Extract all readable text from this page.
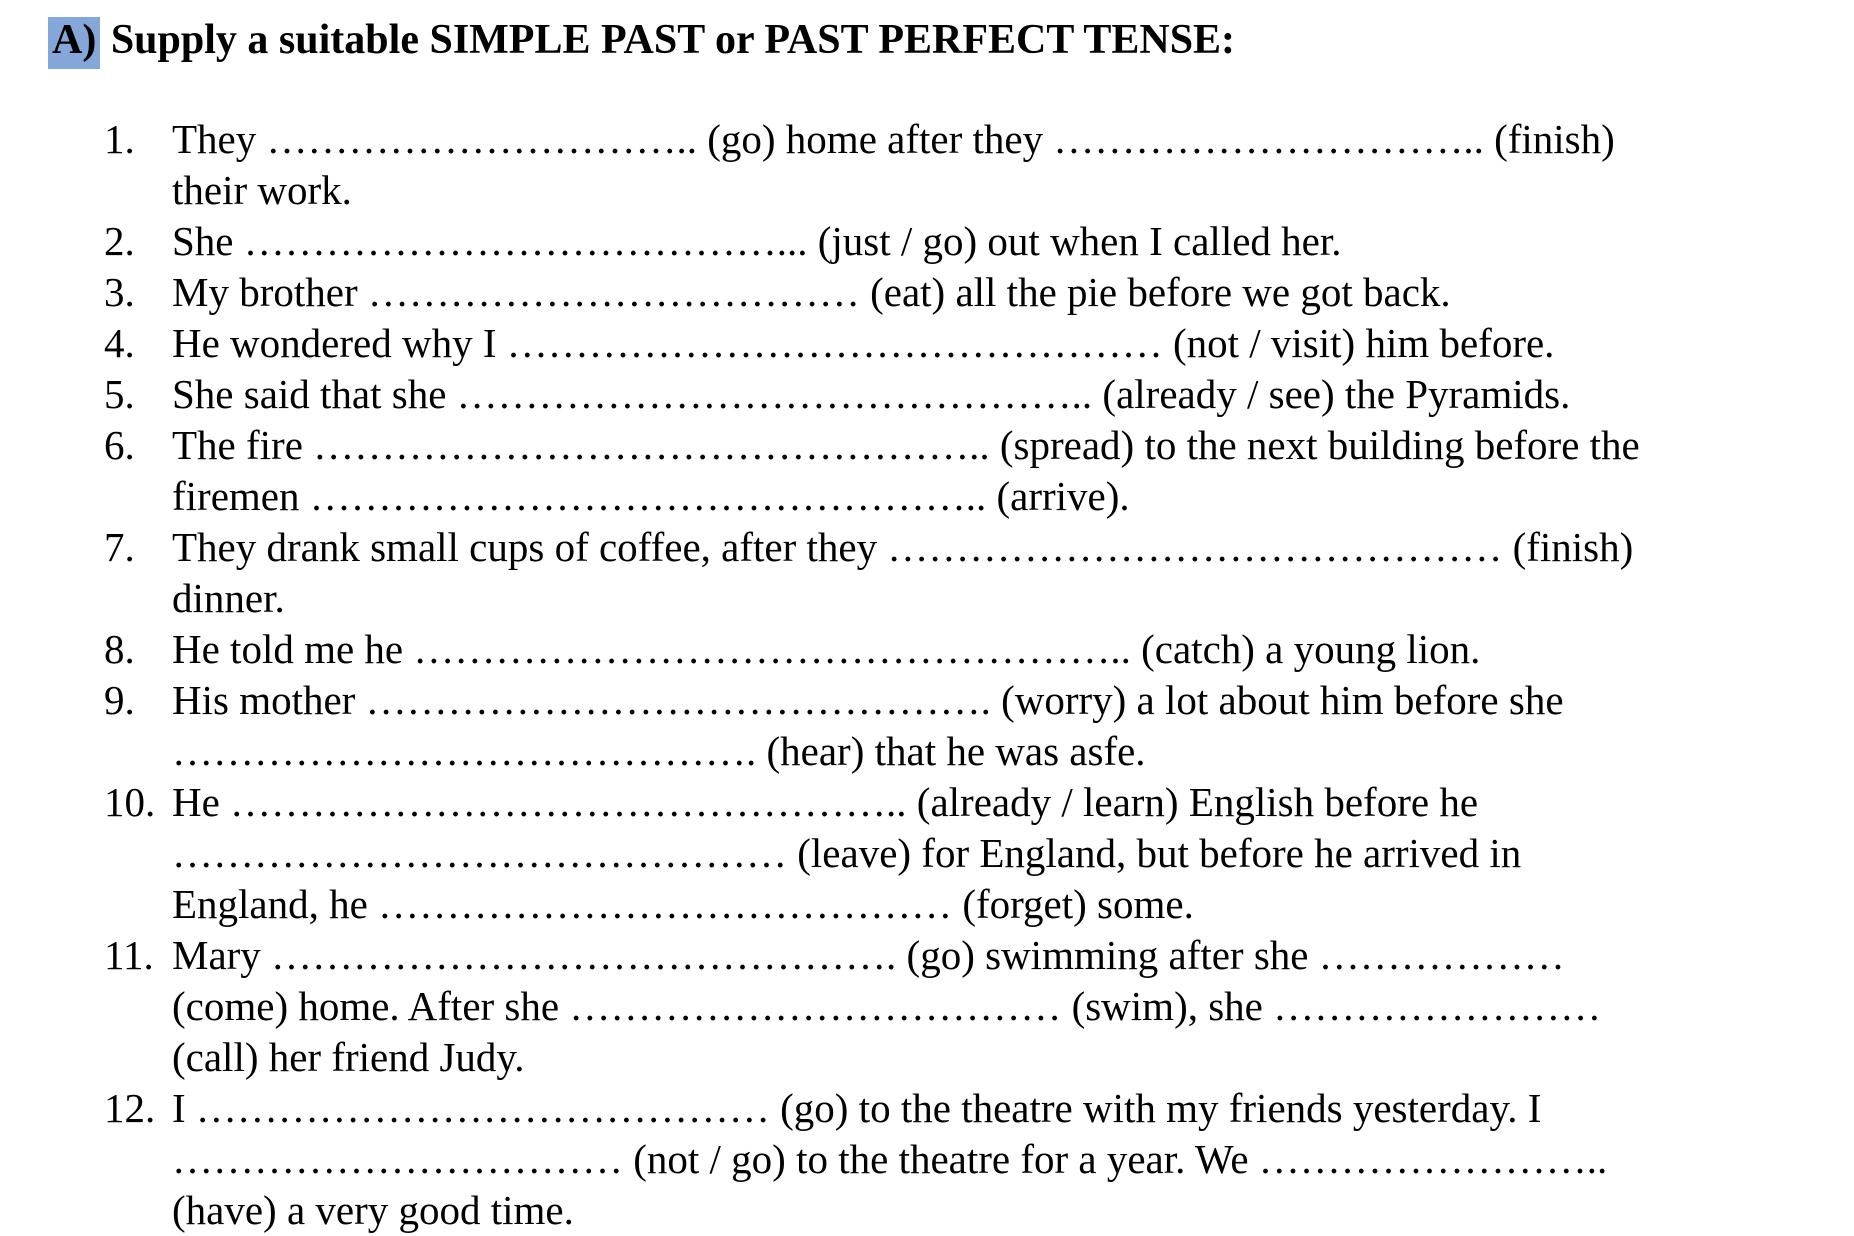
A) Supply a suitable SIMPLE PAST or PAST PERFECT TENSE:
1. They ………………………….. (go) home after they ………………………….. (finish)
their work.
2. She …………………………………... (just / go) out when I called her.
3. My brother ……………………………… (eat) all the pie before we got back.
4. He wondered why I ………………………………………… (not / visit) him before.
5. She said that she ……………………………………….. (already / see) the Pyramids.
6. The fire ………………………………………….. (spread) to the next building before the
firemen ………………………………………….. (arrive).
7. They drank small cups of coffee, after they ……………………………………… (finish)
dinner.
8. He told me he …………………………………………….. (catch) a young lion.
9. His mother ………………………………………. (worry) a lot about him before she
……………………………………. (hear) that he was asfe.
10. He ………………………………………….. (already / learn) English before he
……………………………………… (leave) for England, but before he arrived in
England, he …………………………………… (forget) some.
11. Mary ………………………………………. (go) swimming after she ………………
(come) home. After she ……………………………… (swim), she ……………………
(call) her friend Judy.
12. I …………………………………… (go) to the theatre with my friends yesterday. I
…………………………… (not / go) to the theatre for a year. We ……………………..
(have) a very good time.
